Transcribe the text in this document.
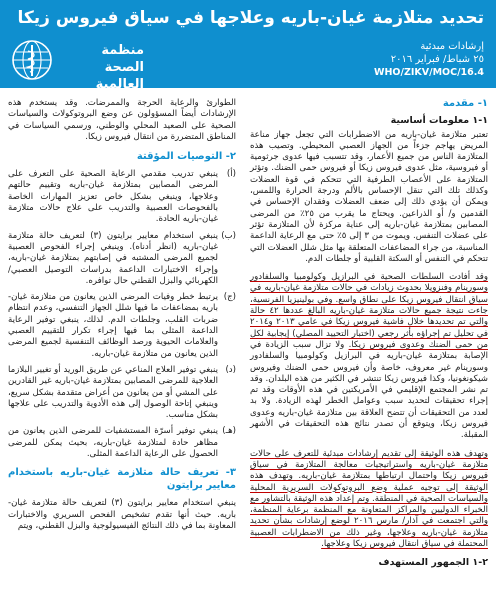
تحديد متلازمة غيان-باريه وعلاجها في سياق فيروس زيكا
منظمة
الصحة العالمية
إرشادات مبدئية
٢٥ شباط/ فبراير ٢٠١٦
WHO/ZIKV/MOC/16.4
١- مقدمة
١-١ معلومات أساسية

تعتبر متلازمة غيان-باريه من الاضطرابات التي تجعل جهاز مناعة المريض يهاجم جزءاً من الجهاز العصبي المحيطي. وتصيب هذه المتلازمة الناس من جميع الأعمار، وقد تتسبب فيها عدوى جرثومية أو فيروسية، مثل عدوى فيروس زيكا أو فيروس حمى الضنك. وتؤثر المتلازمة على الأعصاب الطرفية التي تتحكم في قوة العضلات وكذلك تلك التي تنقل الإحساس بالألم ودرجة الحرارة واللمس، ويمكن أن يؤدي ذلك إلى ضعف العضلات وفقدان الإحساس في القدمين و/ أو الذراعين. ويحتاج ما يقرب من ٢٥٪ من المرضى المصابين بمتلازمة غيان-باريه إلى عناية مركزة لأن المتلازمة تؤثر على عضلات التنفس. ويموت من ٣ إلى ٥٪ حتى مع الرعاية الداعمة المناسبة، من جراء المضاعفات المتعلقة بها مثل شلل العضلات التي تتحكم في التنفس أو السكتة القلبية أو جلطات الدم.

وقد أفادت السلطات الصحية في البرازيل وكولومبيا والسلفادور وسورينام وفنزويلا بحدوث زيادات في حالات متلازمة غيان-باريه في سياق انتقال فيروس زيكا على نطاق واسع. وفي بولينيزيا الفرنسية، جاءت نتيجة جميع حالات متلازمة غيان-باريه البالغ عددها ٤٢ حالة والتي تم تحديدها خلال فاشية فيروس زيكا في عامي ٢٠١٣ و٢٠١٤ في تحليل تم إجراؤه بأثر رجعي (اختبار التحييد المصلي) إيجابية لكل من حمى الضنك وعدوى فيروس زيكا. ولا تزال سبب الزيادة في الإصابة بمتلازمة غيان-باريه في البرازيل وكولومبيا والسلفادور وسورينام غير معروف، خاصة وأن فيروس حمى الضنك وفيروس شيكونغونيا، وكذا فيروس زيكا تنتشر في الكثير من هذه البلدان. وقد تم نشر المجتمع الإقليمي في الأمريكتين في هذه الأوقات وقد تم إجراء تحقيقات لتحديد سبب وعوامل الخطر لهذه الزيادة. ولا بد لعدد من التحقيقات أن تتضح العلاقة بين متلازمة غيان-باريه وعدوى فيروس زيكا، ويتوقع أن تصدر نتائج هذه التحقيقات في الأشهر المقبلة.

وتهدف هذه الوثيقة إلى تقديم إرشادات مبدئية للتعرف على حالات متلازمة غيان-باريه واستراتيجيات معالجة المتلازمة في سياق فيروس زيكا واحتمال ارتباطها بمتلازمة غيان-باريه. وتهدف هذه الوثيقة إلى توجيه عملية وضع البروتوكولات السريرية المحلية والسياسات الصحية في المنطقة. وتم إعداد هذه الوثيقة بالتشاور مع الخبراء الدوليين والمراكز المتعاونة مع المنظمة برعاية المنظمة، والتي اجتمعت في آذار/ مارس ٢٠١٦ لوضع إرشادات بشأن تحديد متلازمة غيان-باريه وعلاجها، وغير ذلك من الاضطرابات العصبية المحتملة في سياق انتقال فيروس زيكا وعلاجها.

٢-١ الجمهور المستهدف

الطوارئ والرعاية الحرجة والممرضات. وقد يستخدم هذه الإرشادات أيضاً المسؤولون عن وضع البروتوكولات والسياسات الصحية على الصعيد المحلي والوطني، ورسمي السياسات في المناطق المتضررة من انتقال فيروس زيكا.

٢- التوصيات المؤقتة
(أ)
ينبغي تدريب مقدمي الرعاية الصحية على التعرف على المرضى المصابين بمتلازمة غيان-باريه وتقييم حالتهم وعلاجها، وينبغي بشكل خاص تعزيز المهارات الخاصة بالفحوصات العصبية والتدريب على علاج حالات متلازمة غيان-باريه الحادة.
(ب)
ينبغي استخدام معايير برايتون (٣) لتعريف حالة متلازمة غيان-باريه (انظر أدناه). وينبغي إجراء الفحوص العصبية لجميع المرضى المشتبه في إصابتهم بمتلازمة غيان-باريه، وإجراء الاختبارات الداعمة بدراسات التوصيل العصبي/ الكهربائي والبزل القطني حال توافره.
(ج)
يرتبط خطر وفيات المرضى الذين يعانون من متلازمة غيان-باريه بمضاعفات ما فيها شلل الجهاز التنفسي، وعدم انتظام ضربات القلب، وجلطات الدم. لذلك، ينبغي توفير الرعاية الداعمة المثلى بما فيها إجراء تكرار للتقييم العصبي والعلامات الحيوية ورصد الوظائف التنفسية لجميع المرضى الذين يعانون من متلازمة غيان-باريه.
(د)
ينبغي توفير العلاج المناعي عن طريق الوريد أو تغيير البلازما العلاجية للمرضى المصابين بمتلازمة غيان-باريه غير القادرين على المشي أو من يعانون من أعراض متقدمة بشكل سريع، وينبغي إتاحة الوصول إلى هذه الأدوية والتدريب على علاجها بشكل مناسب.
(هـ)
ينبغي توفير أسرّة المستشفيات للمرضى الذين يعانون من مظاهر حادة لمتلازمة غيان-باريه، بحيث يمكن للمرضى الحصول على الرعاية الداعمة المثلى.
٣- تعريف حالة متلازمة غيان-باريه باستخدام معايير برايتون

ينبغي استخدام معايير برايتون (٣) لتعريف حالة متلازمة غيان-باريه. حيث أنها تقدم تشخيص الفحص السريري والاختبارات المعاونة بما في ذلك النتائج الفيسيولوجية والبزل القطني، ويتم
